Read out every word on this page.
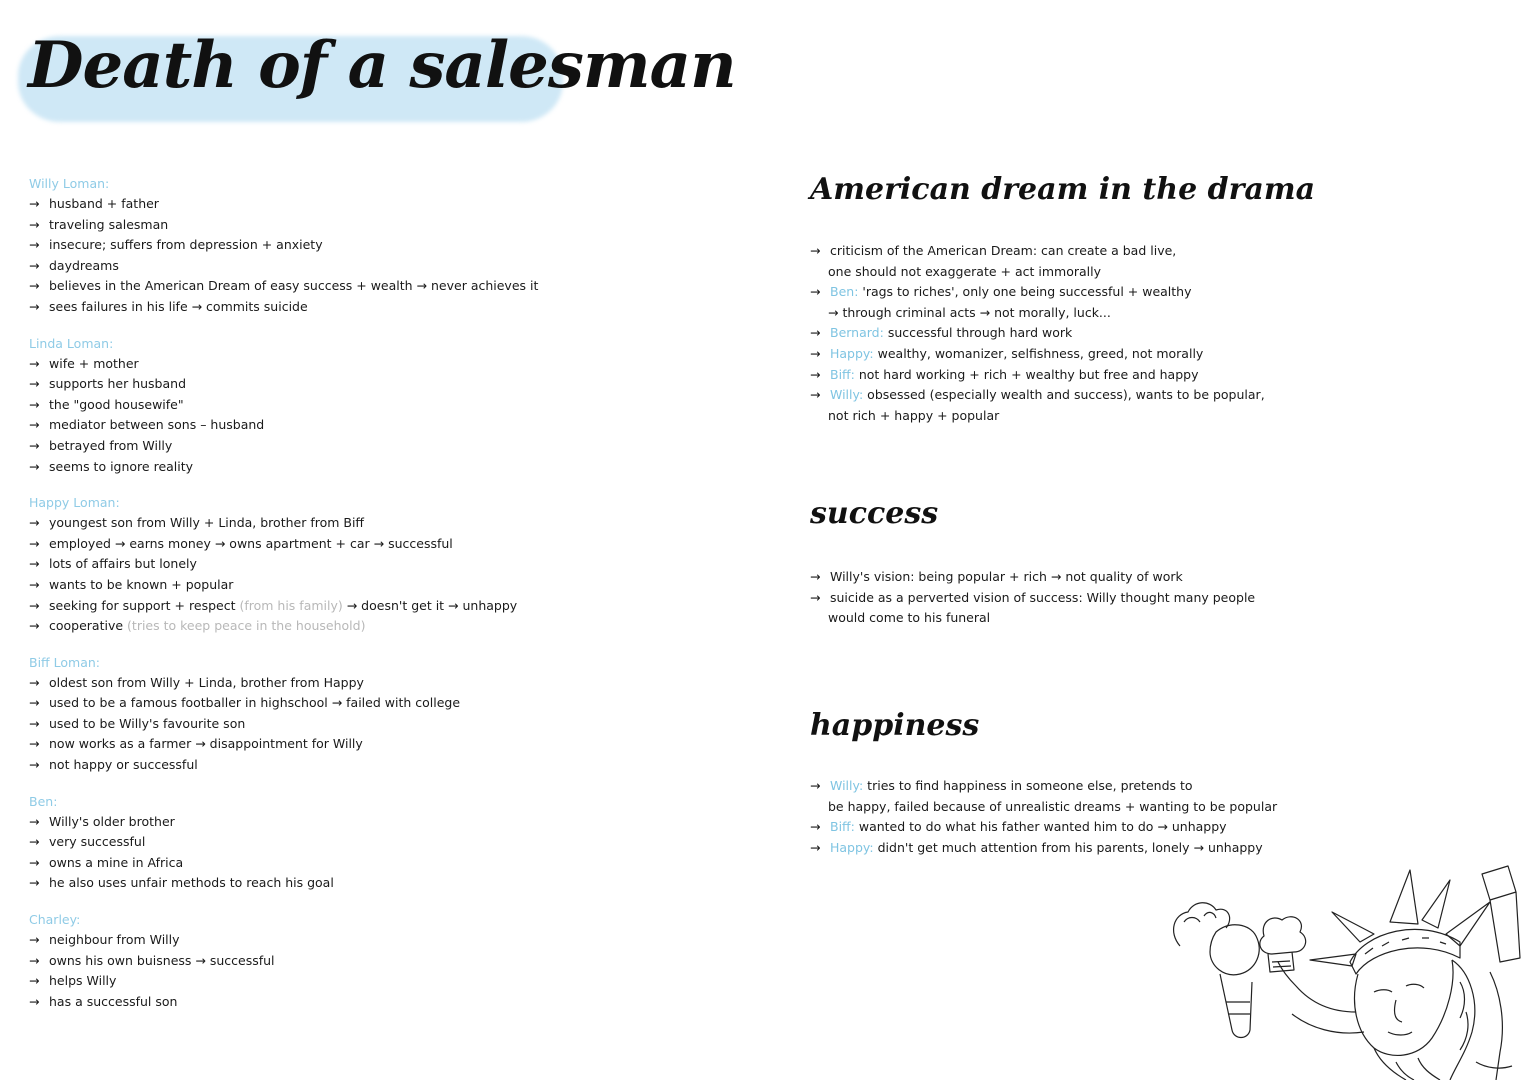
Death of a salesman
Willy Loman:
→ husband + father
→ traveling salesman
→ insecure; suffers from depression + anxiety
→ daydreams
→ believes in the American Dream of easy success + wealth → never achieves it
→ sees failures in his life → commits suicide
Linda Loman:
→ wife + mother
→ supports her husband
→ the "good housewife"
→ mediator between sons – husband
→ betrayed from Willy
→ seems to ignore reality
Happy Loman:
→ youngest son from Willy + Linda, brother from Biff
→ employed → earns money → owns apartment + car → successful
→ lots of affairs but lonely
→ wants to be known + popular
→ seeking for support + respect (from his family) → doesn't get it → unhappy
→ cooperative (tries to keep peace in the household)
Biff Loman:
→ oldest son from Willy + Linda, brother from Happy
→ used to be a famous footballer in highschool → failed with college
→ used to be Willy's favourite son
→ now works as a farmer → disappointment for Willy
→ not happy or successful
Ben:
→ Willy's older brother
→ very successful
→ owns a mine in Africa
→ he also uses unfair methods to reach his goal
Charley:
→ neighbour from Willy
→ owns his own buisness → successful
→ helps Willy
→ has a successful son
American dream in the drama
→ criticism of the American Dream: can create a bad live,
one should not exaggerate + act immorally
→ Ben: 'rags to riches', only one being successful + wealthy
→ through criminal acts → not morally, luck...
→ Bernard: successful through hard work
→ Happy: wealthy, womanizer, selfishness, greed, not morally
→ Biff: not hard working + rich + wealthy but free and happy
→ Willy: obsessed (especially wealth and success), wants to be popular,
not rich + happy + popular
success
→ Willy's vision: being popular + rich → not quality of work
→ suicide as a perverted vision of success: Willy thought many people
would come to his funeral
happiness
→ Willy: tries to find happiness in someone else, pretends to
be happy, failed because of unrealistic dreams + wanting to be popular
→ Biff: wanted to do what his father wanted him to do → unhappy
→ Happy: didn't get much attention from his parents, lonely → unhappy
